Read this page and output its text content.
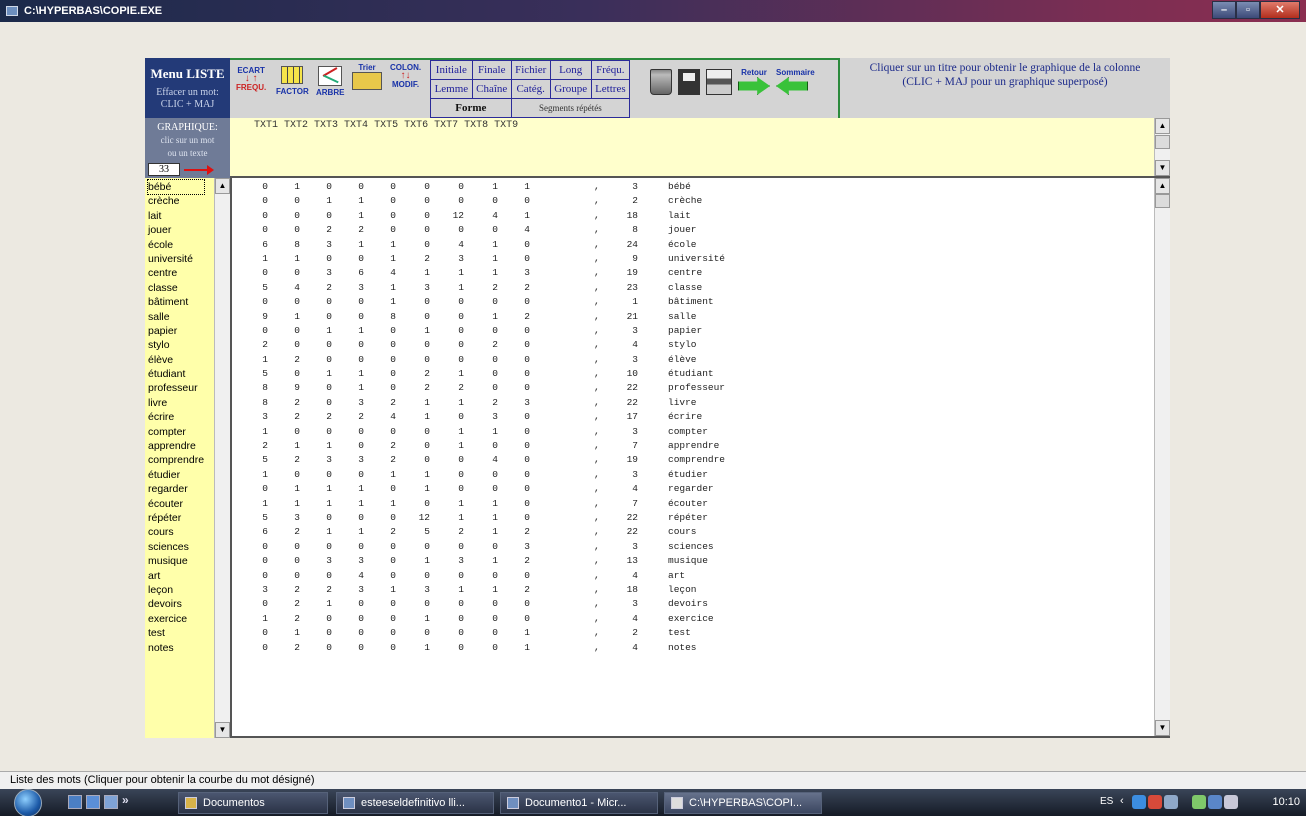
C:\HYPERBAS\COPIE.EXE	–	▫	✕
Menu LISTE
Effacer un mot:
CLIC + MAJ
GRAPHIQUE:
clic sur un mot
ou un texte
33
ECART
↓ ↑
FREQU. FACTOR ARBRE
Trier	COLON.
↑↓
MODIF.
Initiale	Finale	Fichier	Long	Fréqu.
Lemme	Chaîne	Catég.	Groupe	Lettres
Forme		Segments répétés		
Retour	Sommaire	Cliquer sur un titre pour obtenir le graphique de la colonne
(CLIC + MAJ pour un graphique superposé)
TXT1 TXT2 TXT3 TXT4 TXT5 TXT6 TXT7 TXT8 TXT9	▲
▼
bébé
crèche
lait
jouer
école
université
centre
classe
bâtiment
salle
papier
stylo
élève
étudiant
professeur
livre
écrire
compter
apprendre
comprendre
étudier
regarder
écouter
répéter
cours
sciences
musique
art
leçon
devoirs
exercice
test
notes
▲
▼
0	1	0	0	0	0	0	1	1	,	3	bébé
0	0	1	1	0	0	0	0	0	,	2	crèche
0	0	0	1	0	0	12	4	1	,	18	lait
0	0	2	2	0	0	0	0	4	,	8	jouer
6	8	3	1	1	0	4	1	0	,	24	école
1	1	0	0	1	2	3	1	0	,	9	université
0	0	3	6	4	1	1	1	3	,	19	centre
5	4	2	3	1	3	1	2	2	,	23	classe
0	0	0	0	1	0	0	0	0	,	1	bâtiment
9	1	0	0	8	0	0	1	2	,	21	salle
0	0	1	1	0	1	0	0	0	,	3	papier
2	0	0	0	0	0	0	2	0	,	4	stylo
1	2	0	0	0	0	0	0	0	,	3	élève
5	0	1	1	0	2	1	0	0	,	10	étudiant
8	9	0	1	0	2	2	0	0	,	22	professeur
8	2	0	3	2	1	1	2	3	,	22	livre
3	2	2	2	4	1	0	3	0	,	17	écrire
1	0	0	0	0	0	1	1	0	,	3	compter
2	1	1	0	2	0	1	0	0	,	7	apprendre
5	2	3	3	2	0	0	4	0	,	19	comprendre
1	0	0	0	1	1	0	0	0	,	3	étudier
0	1	1	1	0	1	0	0	0	,	4	regarder
1	1	1	1	1	0	1	1	0	,	7	écouter
5	3	0	0	0	12	1	1	0	,	22	répéter
6	2	1	1	2	5	2	1	2	,	22	cours
0	0	0	0	0	0	0	0	3	,	3	sciences
0	0	3	3	0	1	3	1	2	,	13	musique
0	0	0	4	0	0	0	0	0	,	4	art
3	2	2	3	1	3	1	1	2	,	18	leçon
0	2	1	0	0	0	0	0	0	,	3	devoirs
1	2	0	0	0	1	0	0	0	,	4	exercice
0	1	0	0	0	0	0	0	1	,	2	test
0	2	0	0	0	1	0	0	1	,	4	notes
▲
▼
Liste des mots (Cliquer pour obtenir la courbe du mot désigné)
»	Documentos	esteeseldefinitivo lli...	Documento1 - Micr...	C:\HYPERBAS\COPI...	ES ‹	10:10
